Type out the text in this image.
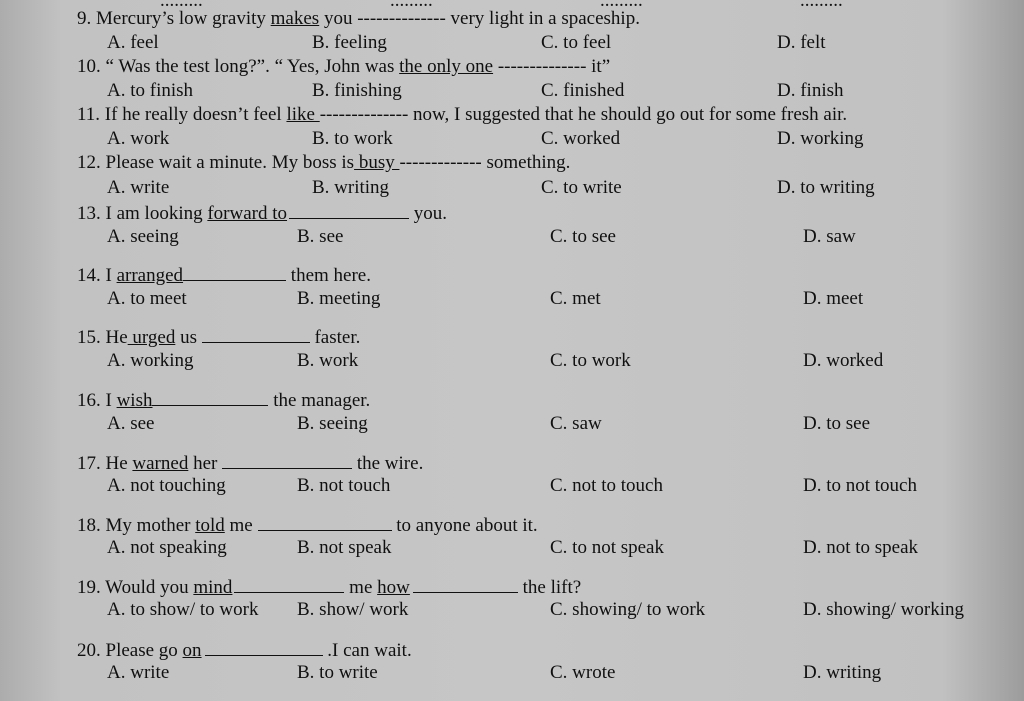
.........	.........	.........	.........
9. Mercury’s low gravity makes you -------------- very light in a spaceship.
A. feel	B. feeling	C. to feel	D. felt
10. “ Was the test long?”. “ Yes, John was the only one -------------- it”
A. to finish	B. finishing	C. finished	D. finish
11. If he really doesn’t feel like -------------- now, I suggested that he should go out for some fresh air.
A. work	B. to work	C. worked	D. working
12. Please wait a minute. My boss is busy ------------- something.
A. write	B. writing	C. to write	D. to writing
13. I am looking forward to	you.
A. seeing	B. see	C. to see	D. saw
14. I arranged	them here.
A. to meet	B. meeting	C. met	D. meet
15. He urged us	faster.
A. working	B. work	C. to work	D. worked
16. I wish	the manager.
A. see	B. seeing	C. saw	D. to see
17. He warned her	the wire.
A. not touching	B. not touch	C. not to touch	D. to not touch
18. My mother told me	to anyone about it.
A. not speaking	B. not speak	C. to not speak	D. not to speak
19. Would you mind	me how	the lift?
A. to show/ to work B. show/ work	C. showing/ to work	D. showing/ working
20. Please go on	.I can wait.
A. write	B. to write	C. wrote	D. writing
